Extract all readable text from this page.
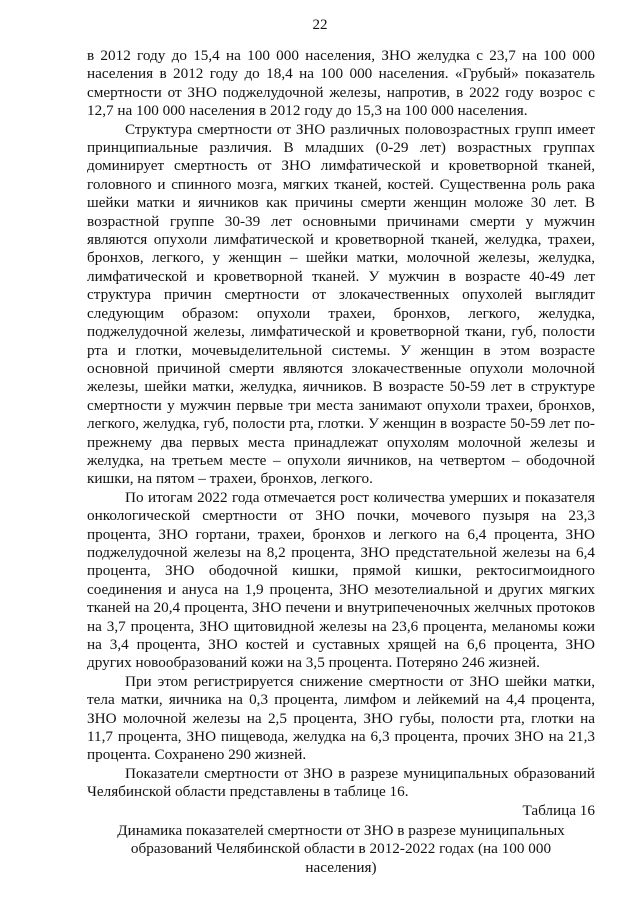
22

в 2012 году до 15,4 на 100 000 населения, ЗНО желудка с 23,7 на 100 000 населения в 2012 году до 18,4 на 100 000 населения. «Грубый» показатель смертности от ЗНО поджелудочной железы, напротив, в 2022 году возрос с 12,7 на 100 000 населения в 2012 году до 15,3 на 100 000 населения.

Структура смертности от ЗНО различных половозрастных групп имеет принципиальные различия. В младших (0-29 лет) возрастных группах доминирует смертность от ЗНО лимфатической и кроветворной тканей, головного и спинного мозга, мягких тканей, костей. Существенна роль рака шейки матки и яичников как причины смерти женщин моложе 30 лет. В возрастной группе 30-39 лет основными причинами смерти у мужчин являются опухоли лимфатической и кроветворной тканей, желудка, трахеи, бронхов, легкого, у женщин – шейки матки, молочной железы, желудка, лимфатической и кроветворной тканей. У мужчин в возрасте 40-49 лет структура причин смертности от злокачественных опухолей выглядит следующим образом: опухоли трахеи, бронхов, легкого, желудка, поджелудочной железы, лимфатической и кроветворной ткани, губ, полости рта и глотки, мочевыделительной системы. У женщин в этом возрасте основной причиной смерти являются злокачественные опухоли молочной железы, шейки матки, желудка, яичников. В возрасте 50-59 лет в структуре смертности у мужчин первые три места занимают опухоли трахеи, бронхов, легкого, желудка, губ, полости рта, глотки. У женщин в возрасте 50-59 лет по-прежнему два первых места принадлежат опухолям молочной железы и желудка, на третьем месте – опухоли яичников, на четвертом – ободочной кишки, на пятом – трахеи, бронхов, легкого.

По итогам 2022 года отмечается рост количества умерших и показателя онкологической смертности от ЗНО почки, мочевого пузыря на 23,3 процента, ЗНО гортани, трахеи, бронхов и легкого на 6,4 процента, ЗНО поджелудочной железы на 8,2 процента, ЗНО предстательной железы на 6,4 процента, ЗНО ободочной кишки, прямой кишки, ректосигмоидного соединения и ануса на 1,9 процента, ЗНО мезотелиальной и других мягких тканей на 20,4 процента, ЗНО печени и внутрипеченочных желчных протоков на 3,7 процента, ЗНО щитовидной железы на 23,6 процента, меланомы кожи на 3,4 процента, ЗНО костей и суставных хрящей на 6,6 процента, ЗНО других новообразований кожи на 3,5 процента. Потеряно 246 жизней.

При этом регистрируется снижение смертности от ЗНО шейки матки, тела матки, яичника на 0,3 процента, лимфом и лейкемий на 4,4 процента, ЗНО молочной железы на 2,5 процента, ЗНО губы, полости рта, глотки на 11,7 процента, ЗНО пищевода, желудка на 6,3 процента, прочих ЗНО на 21,3 процента. Сохранено 290 жизней.

Показатели смертности от ЗНО в разрезе муниципальных образований Челябинской области представлены в таблице 16.

Таблица 16

Динамика показателей смертности от ЗНО в разрезе муниципальных образований Челябинской области в 2012-2022 годах (на 100 000 населения)
